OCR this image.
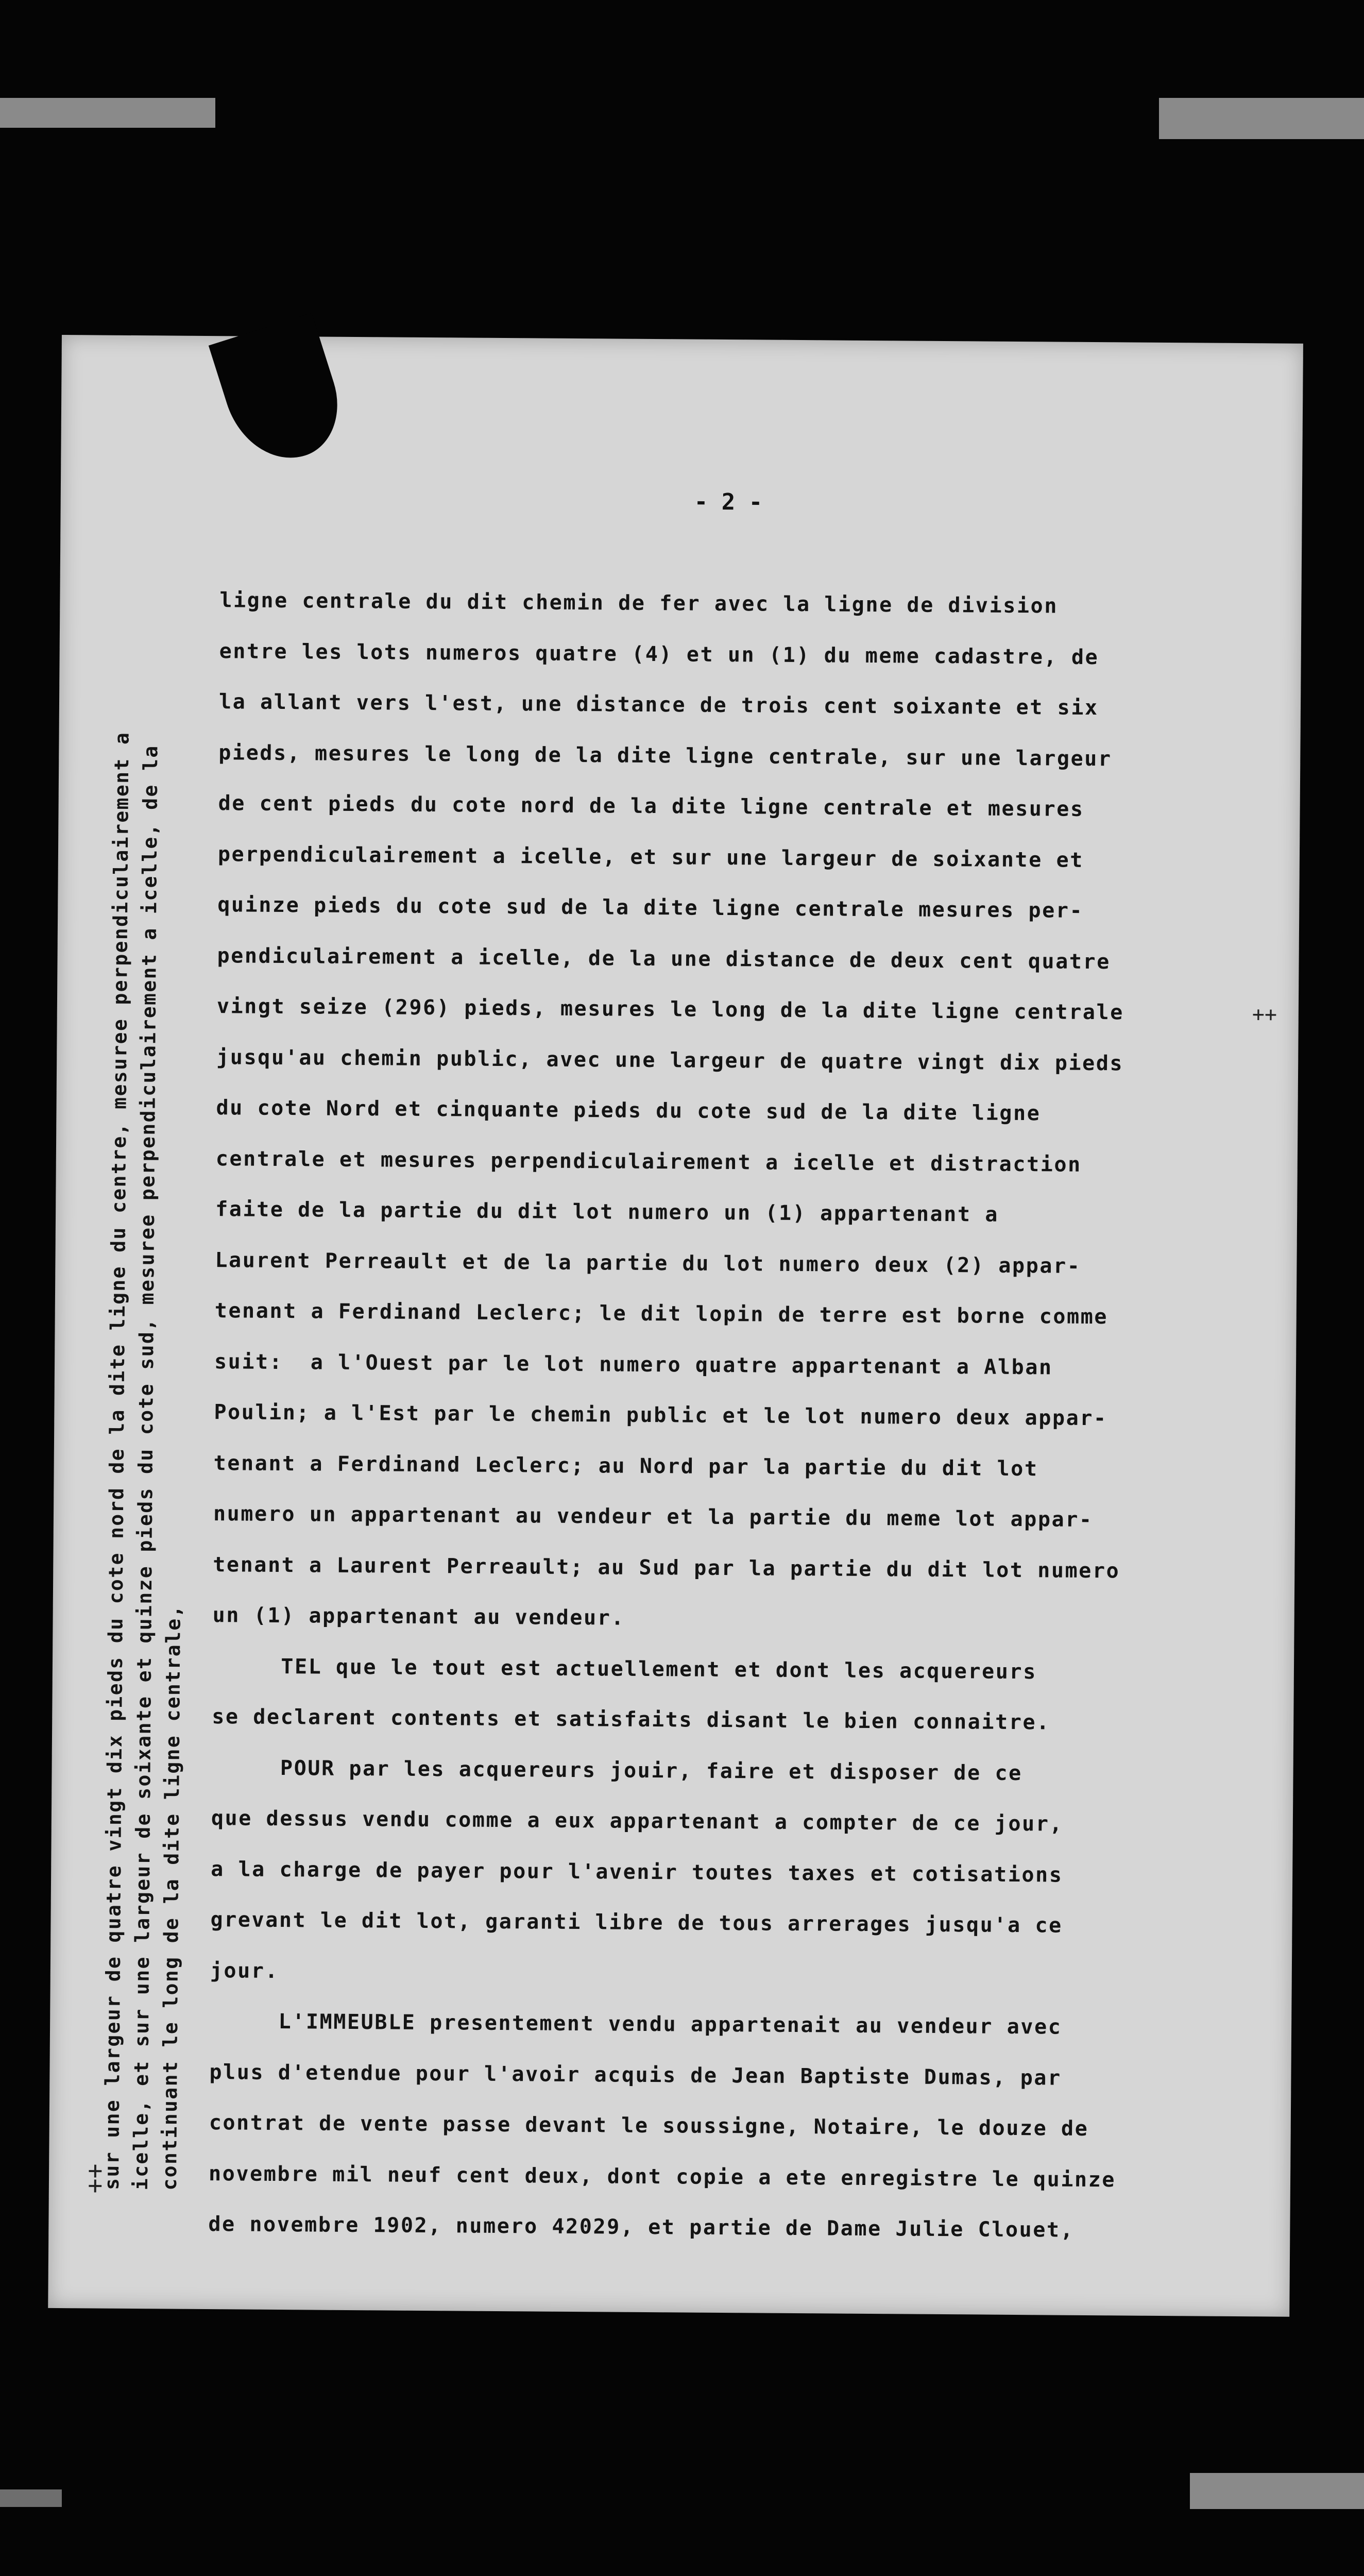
- 2 -
ligne centrale du dit chemin de fer avec la ligne de division
entre les lots numeros quatre (4) et un (1) du meme cadastre, de
la allant vers l'est, une distance de trois cent soixante et six
pieds, mesures le long de la dite ligne centrale, sur une largeur
de cent pieds du cote nord de la dite ligne centrale et mesures
perpendiculairement a icelle, et sur une largeur de soixante et
quinze pieds du cote sud de la dite ligne centrale mesures per-
pendiculairement a icelle, de la une distance de deux cent quatre
vingt seize (296) pieds, mesures le long de la dite ligne centrale
jusqu'au chemin public, avec une largeur de quatre vingt dix pieds
du cote Nord et cinquante pieds du cote sud de la dite ligne
centrale et mesures perpendiculairement a icelle et distraction
faite de la partie du dit lot numero un (1) appartenant a
Laurent Perreault et de la partie du lot numero deux (2) appar-
tenant a Ferdinand Leclerc; le dit lopin de terre est borne comme
suit:  a l'Ouest par le lot numero quatre appartenant a Alban
Poulin; a l'Est par le chemin public et le lot numero deux appar-
tenant a Ferdinand Leclerc; au Nord par la partie du dit lot
numero un appartenant au vendeur et la partie du meme lot appar-
tenant a Laurent Perreault; au Sud par la partie du dit lot numero
un (1) appartenant au vendeur.
TEL que le tout est actuellement et dont les acquereurs
se declarent contents et satisfaits disant le bien connaitre.
POUR par les acquereurs jouir, faire et disposer de ce
que dessus vendu comme a eux appartenant a compter de ce jour,
a la charge de payer pour l'avenir toutes taxes et cotisations
grevant le dit lot, garanti libre de tous arrerages jusqu'a ce
jour.
L'IMMEUBLE presentement vendu appartenait au vendeur avec
plus d'etendue pour l'avoir acquis de Jean Baptiste Dumas, par
contrat de vente passe devant le soussigne, Notaire, le douze de
novembre mil neuf cent deux, dont copie a ete enregistre le quinze
de novembre 1902, numero 42029, et partie de Dame Julie Clouet,
sur une largeur de quatre vingt dix pieds du cote nord de la dite ligne du centre, mesuree perpendiculairement a
icelle, et sur une largeur de soixante et quinze pieds du cote sud, mesuree perpendiculairement a icelle, de la
continuant le long de la dite ligne centrale,
++
++
